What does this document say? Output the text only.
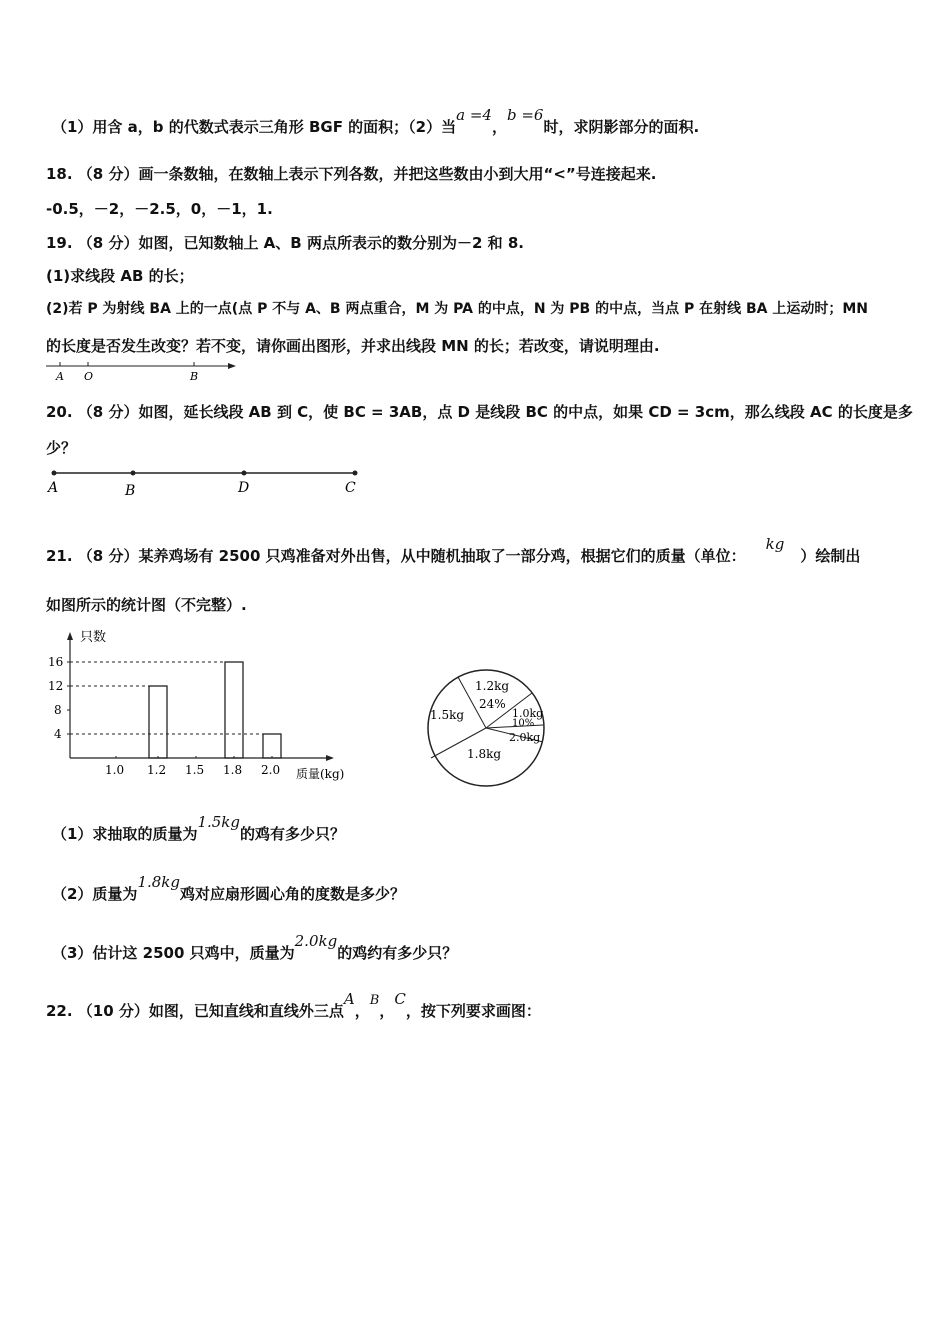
（1）用含 a，b 的代数式表示三角形 BGF 的面积；（2）当a =4，b =6时，求阴影部分的面积.
18. （8 分）画一条数轴，在数轴上表示下列各数，并把这些数由小到大用“<”号连接起来.
-0.5，－2，－2.5，0，－1，1.
19. （8 分）如图，已知数轴上 A、B 两点所表示的数分别为－2 和 8.
(1)求线段 AB 的长；
(2)若 P 为射线 BA 上的一点(点 P 不与 A、B 两点重合，M 为 PA 的中点，N 为 PB 的中点，当点 P 在射线 BA 上运动时；MN
的长度是否发生改变？若不变，请你画出图形，并求出线段 MN 的长；若改变，请说明理由.
A O	B
20. （8 分）如图，延长线段 AB 到 C，使 BC = 3AB，点 D 是线段 BC 的中点，如果 CD = 3cm，那么线段 AC 的长度是多
少？
A	B	D	C
21. （8 分）某养鸡场有 2500 只鸡准备对外出售，从中随机抽取了一部分鸡，根据它们的质量（单位：kg）绘制出
如图所示的统计图（不完整）.
只数
质量(kg)
1.0 1.2 1.5 1.8 2.0
4
8
12
16
1.2kg
24%
1.5kg	1.0kg
10%
2.0kg
1.8kg
（1）求抽取的质量为1.5kg的鸡有多少只？
（2）质量为1.8kg鸡对应扇形圆心角的度数是多少？
（3）估计这 2500 只鸡中，质量为2.0kg的鸡约有多少只？
22. （10 分）如图，已知直线和直线外三点A，B，C，按下列要求画图：
